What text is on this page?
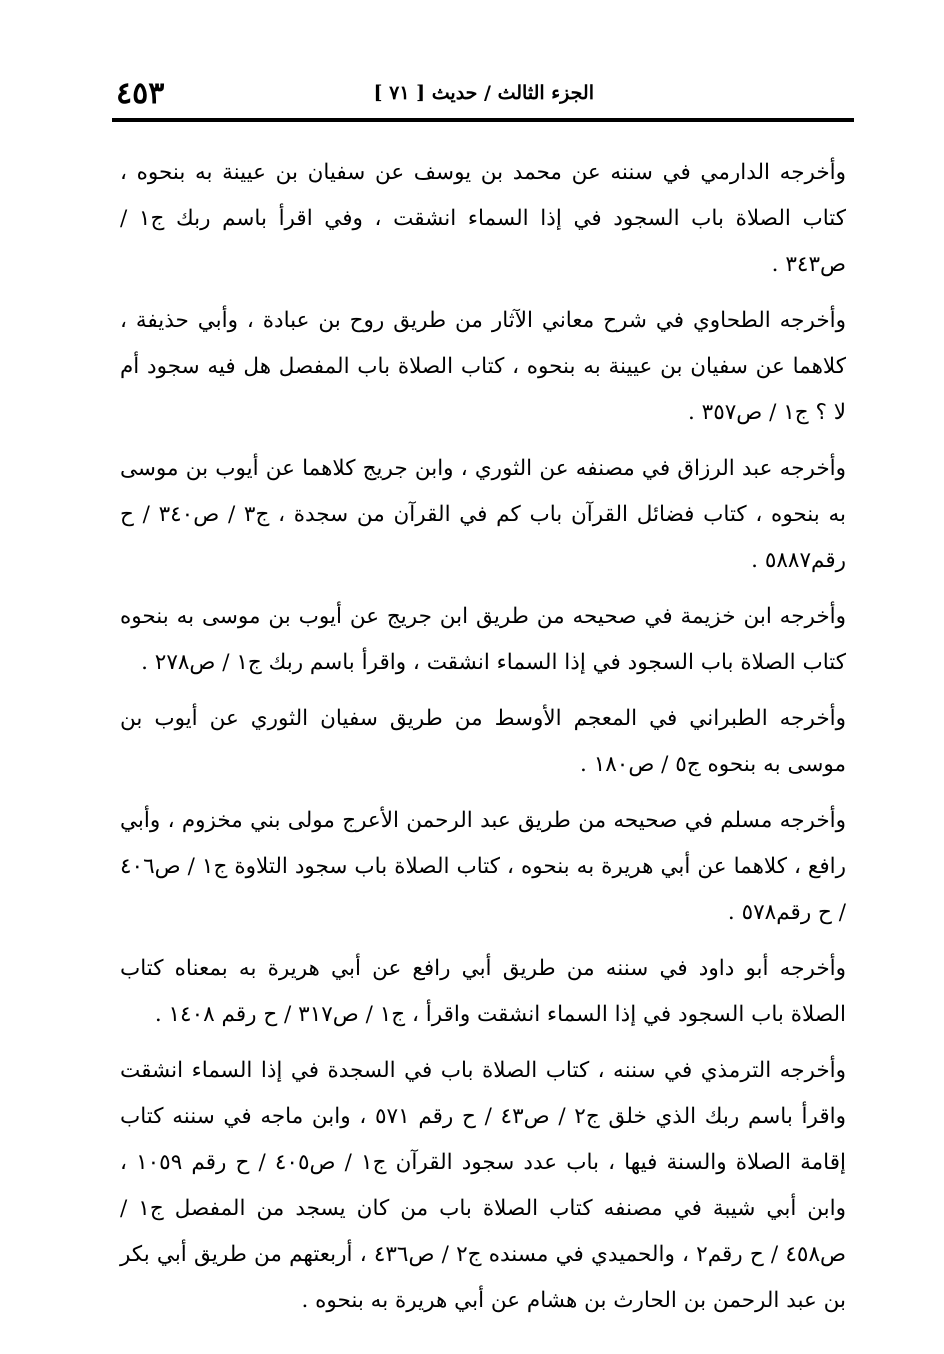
الجزء الثالث / حديث [ ٧١ ]
٤٥٣

وأخرجه الدارمي في سننه عن محمد بن يوسف عن سفيان بن عيينة به بنحوه ، كتاب الصلاة باب السجود في إذا السماء انشقت ، وفي اقرأ باسم ربك ج١ / ص٣٤٣ .

وأخرجه الطحاوي في شرح معاني الآثار من طريق روح بن عبادة ، وأبي حذيفة ، كلاهما عن سفيان بن عيينة به بنحوه ، كتاب الصلاة باب المفصل هل فيه سجود أم لا ؟ ج١ / ص٣٥٧ .

وأخرجه عبد الرزاق في مصنفه عن الثوري ، وابن جريج كلاهما عن أيوب بن موسى به بنحوه ، كتاب فضائل القرآن باب كم في القرآن من سجدة ، ج٣ / ص٣٤٠ / ح رقم٥٨٨٧ .

وأخرجه ابن خزيمة في صحيحه من طريق ابن جريج عن أيوب بن موسى به بنحوه كتاب الصلاة باب السجود في إذا السماء انشقت ، واقرأ باسم ربك ج١ / ص٢٧٨ .

وأخرجه الطبراني في المعجم الأوسط من طريق سفيان الثوري عن أيوب بن موسى به بنحوه ج٥ / ص١٨٠ .

وأخرجه مسلم في صحيحه من طريق عبد الرحمن الأعرج مولى بني مخزوم ، وأبي رافع ، كلاهما عن أبي هريرة به بنحوه ، كتاب الصلاة باب سجود التلاوة ج١ / ص٤٠٦ / ح رقم٥٧٨ .

وأخرجه أبو داود في سننه من طريق أبي رافع عن أبي هريرة به بمعناه كتاب الصلاة باب السجود في إذا السماء انشقت واقرأ ، ج١ / ص٣١٧ / ح رقم ١٤٠٨ .

وأخرجه الترمذي في سننه ، كتاب الصلاة باب في السجدة في إذا السماء انشقت واقرأ باسم ربك الذي خلق ج٢ / ص٤٣ / ح رقم ٥٧١ ، وابن ماجه في سننه كتاب إقامة الصلاة والسنة فيها ، باب عدد سجود القرآن ج١ / ص٤٠٥ / ح رقم ١٠٥٩ ، وابن أبي شيبة في مصنفه كتاب الصلاة باب من كان يسجد من المفصل ج١ / ص٤٥٨ / ح رقم٢ ، والحميدي في مسنده ج٢ / ص٤٣٦ ، أربعتهم من طريق أبي بكر بن عبد الرحمن بن الحارث بن هشام عن أبي هريرة به بنحوه .
